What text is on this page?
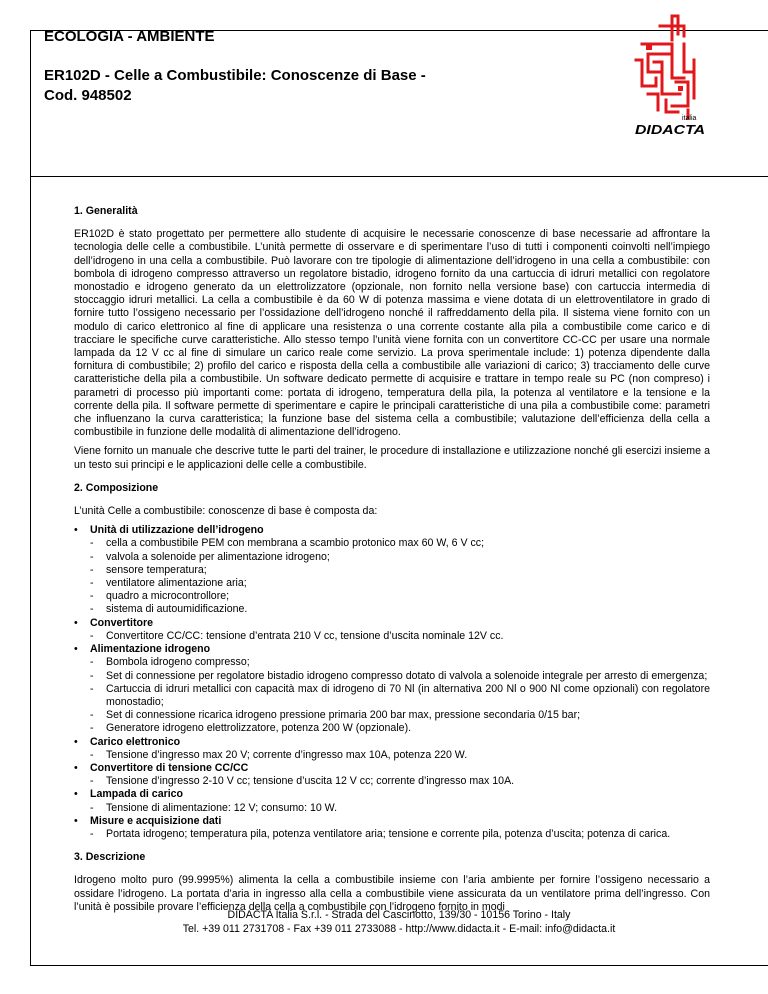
ECOLOGIA - AMBIENTE
ER102D - Celle a Combustibile: Conoscenze di Base -
Cod. 948502
italia
DIDACTA
1. Generalità

ER102D è stato progettato per permettere allo studente di acquisire le necessarie conoscenze di base necessarie ad affrontare la tecnologia delle celle a combustibile. L’unità permette di osservare e di sperimentare l’uso di tutti i componenti coinvolti nell’impiego dell’idrogeno in una cella a combustibile. Può lavorare con tre tipologie di alimentazione dell’idrogeno in una cella a combustibile: con bombola di idrogeno compresso attraverso un regolatore bistadio, idrogeno fornito da una cartuccia di idruri metallici con regolatore monostadio e idrogeno generato da un elettrolizzatore (opzionale, non fornito nella versione base) con cartuccia intermedia di stoccaggio idruri metallici. La cella a combustibile è da 60 W di potenza massima e viene dotata di un elettroventilatore in grado di fornire tutto l’ossigeno necessario per l’ossidazione dell’idrogeno nonché il raffreddamento della pila. Il sistema viene fornito con un modulo di carico elettronico al fine di applicare una resistenza o una corrente costante alla pila a combustibile come carico e di tracciare le specifiche curve caratteristiche. Allo stesso tempo l’unità viene fornita con un convertitore CC-CC per usare una normale lampada da 12 V cc al fine di simulare un carico reale come servizio. La prova sperimentale include: 1) potenza dipendente dalla fornitura di combustibile; 2) profilo del carico e risposta della cella a combustibile alle variazioni di carico; 3) tracciamento delle curve caratteristiche della pila a combustibile. Un software dedicato permette di acquisire e trattare in tempo reale su PC (non compreso) i parametri di processo più importanti come: portata di idrogeno, temperatura della pila, la potenza al ventilatore e la tensione e la corrente della pila. Il software permette di sperimentare e capire le principali caratteristiche di una pila a combustibile come: parametri che influenzano la curva caratteristica; la funzione base del sistema cella a combustibile; valutazione dell’efficienza della cella a combustibile in funzione delle modalità di alimentazione dell’idrogeno.

Viene fornito un manuale che descrive tutte le parti del trainer, le procedure di installazione e utilizzazione nonché gli esercizi insieme a un testo sui principi e le applicazioni delle celle a combustibile.

2. Composizione

L’unità Celle a combustibile: conoscenze di base è composta da:

• Unità di utilizzazione dell’idrogeno
- cella a combustibile PEM con membrana a scambio protonico max 60 W, 6 V cc;
- valvola a solenoide per alimentazione idrogeno;
- sensore temperatura;
- ventilatore alimentazione aria;
- quadro a microcontrollore;
- sistema di autoumidificazione.
• Convertitore
- Convertitore CC/CC: tensione d’entrata 210 V cc, tensione d’uscita nominale 12V cc.
• Alimentazione idrogeno
- Bombola idrogeno compresso;
- Set di connessione per regolatore bistadio idrogeno compresso dotato di valvola a solenoide integrale per arresto di emergenza;
- Cartuccia di idruri metallici con capacità max di idrogeno di 70 Nl (in alternativa 200 Nl o 900 Nl come opzionali) con regolatore monostadio;
- Set di connessione ricarica idrogeno pressione primaria 200 bar max, pressione secondaria 0/15 bar;
- Generatore idrogeno elettrolizzatore, potenza 200 W (opzionale).
• Carico elettronico
- Tensione d’ingresso max 20 V; corrente d’ingresso max 10A, potenza 220 W.
• Convertitore di tensione CC/CC
- Tensione d’ingresso 2-10 V cc; tensione d’uscita 12 V cc; corrente d’ingresso max 10A.
• Lampada di carico
- Tensione di alimentazione: 12 V; consumo: 10 W.
• Misure e acquisizione dati
- Portata idrogeno; temperatura pila, potenza ventilatore aria; tensione e corrente pila, potenza d’uscita; potenza di carica.
3. Descrizione

Idrogeno molto puro (99.9995%) alimenta la cella a combustibile insieme con l’aria ambiente per fornire l’ossigeno necessario a ossidare l’idrogeno. La portata d’aria in ingresso alla cella a combustibile viene assicurata da un ventilatore prima dell’ingresso. Con l’unità è possibile provare l’efficienza della cella a combustibile con l’idrogeno fornito in modi

DIDACTA Italia S.r.l. - Strada del Cascinotto, 139/30 - 10156 Torino - Italy
Tel. +39 011 2731708 - Fax +39 011 2733088 - http://www.didacta.it - E-mail: info@didacta.it
